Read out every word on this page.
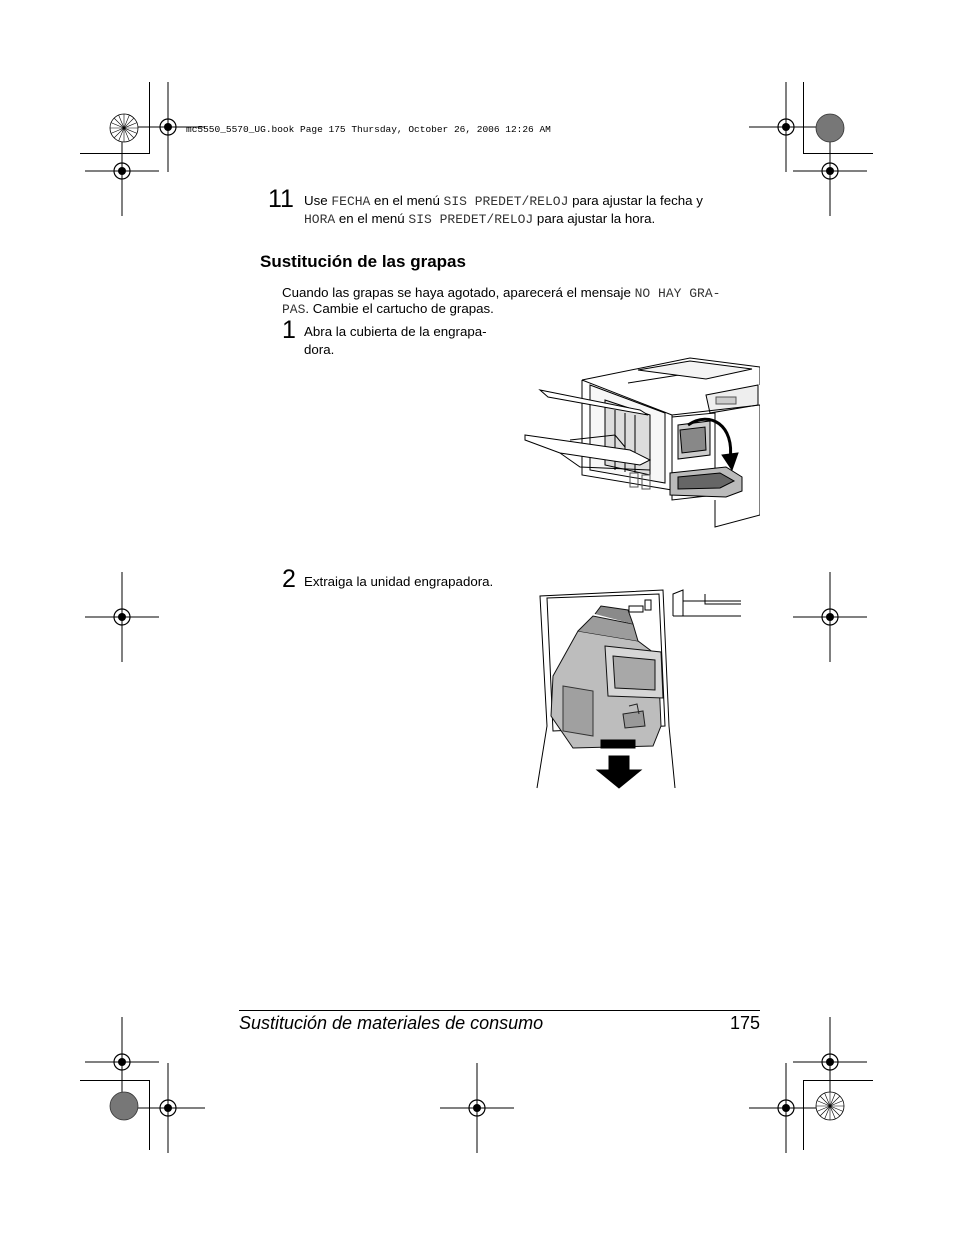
mc5550_5570_UG.book Page 175 Thursday, October 26, 2006 12:26 AM
11 Use FECHA en el menú SIS PREDET/RELOJ para ajustar la fecha y
HORA en el menú SIS PREDET/RELOJ para ajustar la hora.
Sustitución de las grapas
Cuando las grapas se haya agotado, aparecerá el mensaje NO HAY GRA-
PAS. Cambie el cartucho de grapas.
1 Abra la cubierta de la engrapa-
dora.
2 Extraiga la unidad engrapadora.
Sustitución de materiales de consumo	175
